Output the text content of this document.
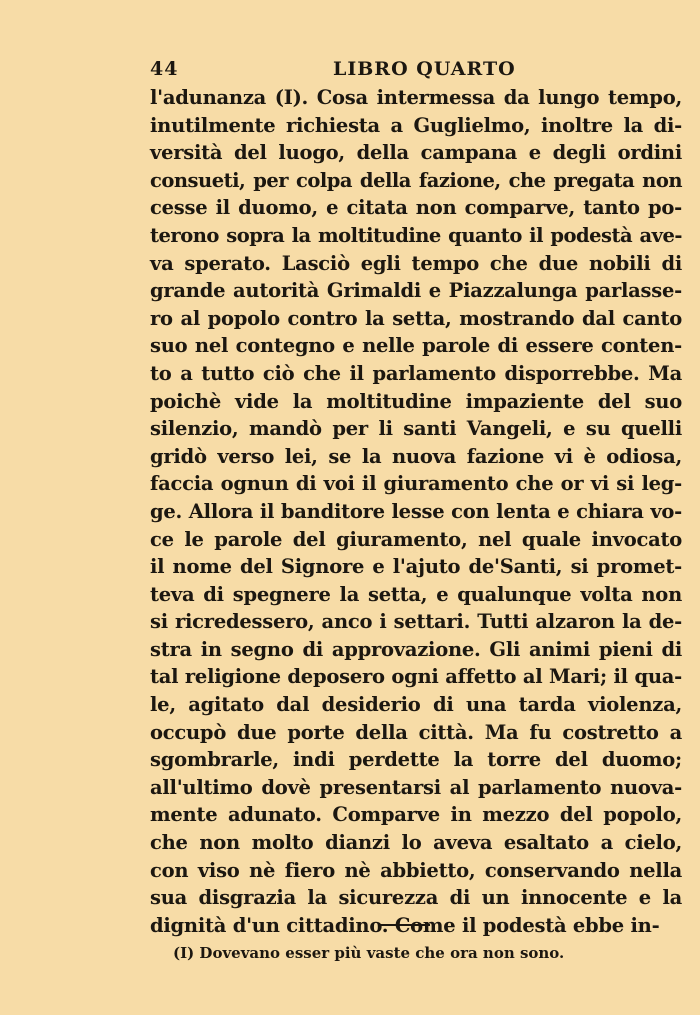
44	LIBRO QUARTO
l'adunanza (I). Cosa intermessa da lungo tempo,
inutilmente richiesta a Guglielmo, inoltre la di-
versità del luogo, della campana e degli ordini
consueti, per colpa della fazione, che pregata non
cesse il duomo, e citata non comparve, tanto po-
terono sopra la moltitudine quanto il podestà ave-
va sperato. Lasciò egli tempo che due nobili di
grande autorità Grimaldi e Piazzalunga parlasse-
ro al popolo contro la setta, mostrando dal canto
suo nel contegno e nelle parole di essere conten-
to a tutto ciò che il parlamento disporrebbe. Ma
poichè vide la moltitudine impaziente del suo
silenzio, mandò per li santi Vangeli, e su quelli
gridò verso lei, se la nuova fazione vi è odiosa,
faccia ognun di voi il giuramento che or vi si leg-
ge. Allora il banditore lesse con lenta e chiara vo-
ce le parole del giuramento, nel quale invocato
il nome del Signore e l'ajuto de'Santi, si promet-
teva di spegnere la setta, e qualunque volta non
si ricredessero, anco i settari. Tutti alzaron la de-
stra in segno di approvazione. Gli animi pieni di
tal religione deposero ogni affetto al Mari; il qua-
le, agitato dal desiderio di una tarda violenza,
occupò due porte della città. Ma fu costretto a
sgombrarle, indi perdette la torre del duomo;
all'ultimo dovè presentarsi al parlamento nuova-
mente adunato. Comparve in mezzo del popolo,
che non molto dianzi lo aveva esaltato a cielo,
con viso nè fiero nè abbietto, conservando nella
sua disgrazia la sicurezza di un innocente e la
dignità d'un cittadino. Come il podestà ebbe in-
(I) Dovevano esser più vaste che ora non sono.
